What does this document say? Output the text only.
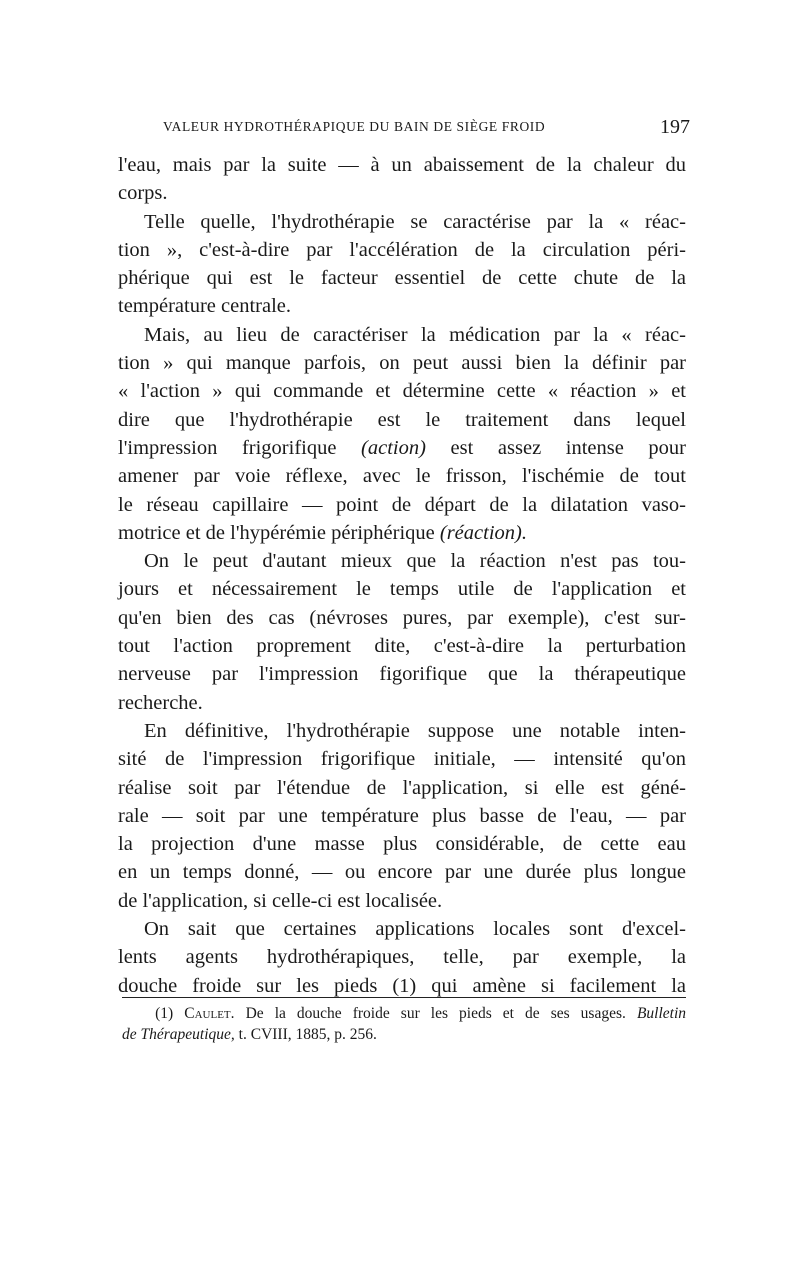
VALEUR HYDROTHÉRAPIQUE DU BAIN DE SIÈGE FROID	197
l'eau, mais par la suite — à un abaissement de la chaleur du
corps.
Telle quelle, l'hydrothérapie se caractérise par la « réac-
tion », c'est-à-dire par l'accélération de la circulation péri-
phérique qui est le facteur essentiel de cette chute de la
température centrale.
Mais, au lieu de caractériser la médication par la « réac-
tion » qui manque parfois, on peut aussi bien la définir par
« l'action » qui commande et détermine cette « réaction » et
dire que l'hydrothérapie est le traitement dans lequel
l'impression frigorifique (action) est assez intense pour
amener par voie réflexe, avec le frisson, l'ischémie de tout
le réseau capillaire — point de départ de la dilatation vaso-
motrice et de l'hypérémie périphérique (réaction).
On le peut d'autant mieux que la réaction n'est pas tou-
jours et nécessairement le temps utile de l'application et
qu'en bien des cas (névroses pures, par exemple), c'est sur-
tout l'action proprement dite, c'est-à-dire la perturbation
nerveuse par l'impression figorifique que la thérapeutique
recherche.
En définitive, l'hydrothérapie suppose une notable inten-
sité de l'impression frigorifique initiale, — intensité qu'on
réalise soit par l'étendue de l'application, si elle est géné-
rale — soit par une température plus basse de l'eau, — par
la projection d'une masse plus considérable, de cette eau
en un temps donné, — ou encore par une durée plus longue
de l'application, si celle-ci est localisée.
On sait que certaines applications locales sont d'excel-
lents agents hydrothérapiques, telle, par exemple, la
douche froide sur les pieds (1) qui amène si facilement la
(1) Caulet. De la douche froide sur les pieds et de ses usages. Bulletin
de Thérapeutique, t. CVIII, 1885, p. 256.
